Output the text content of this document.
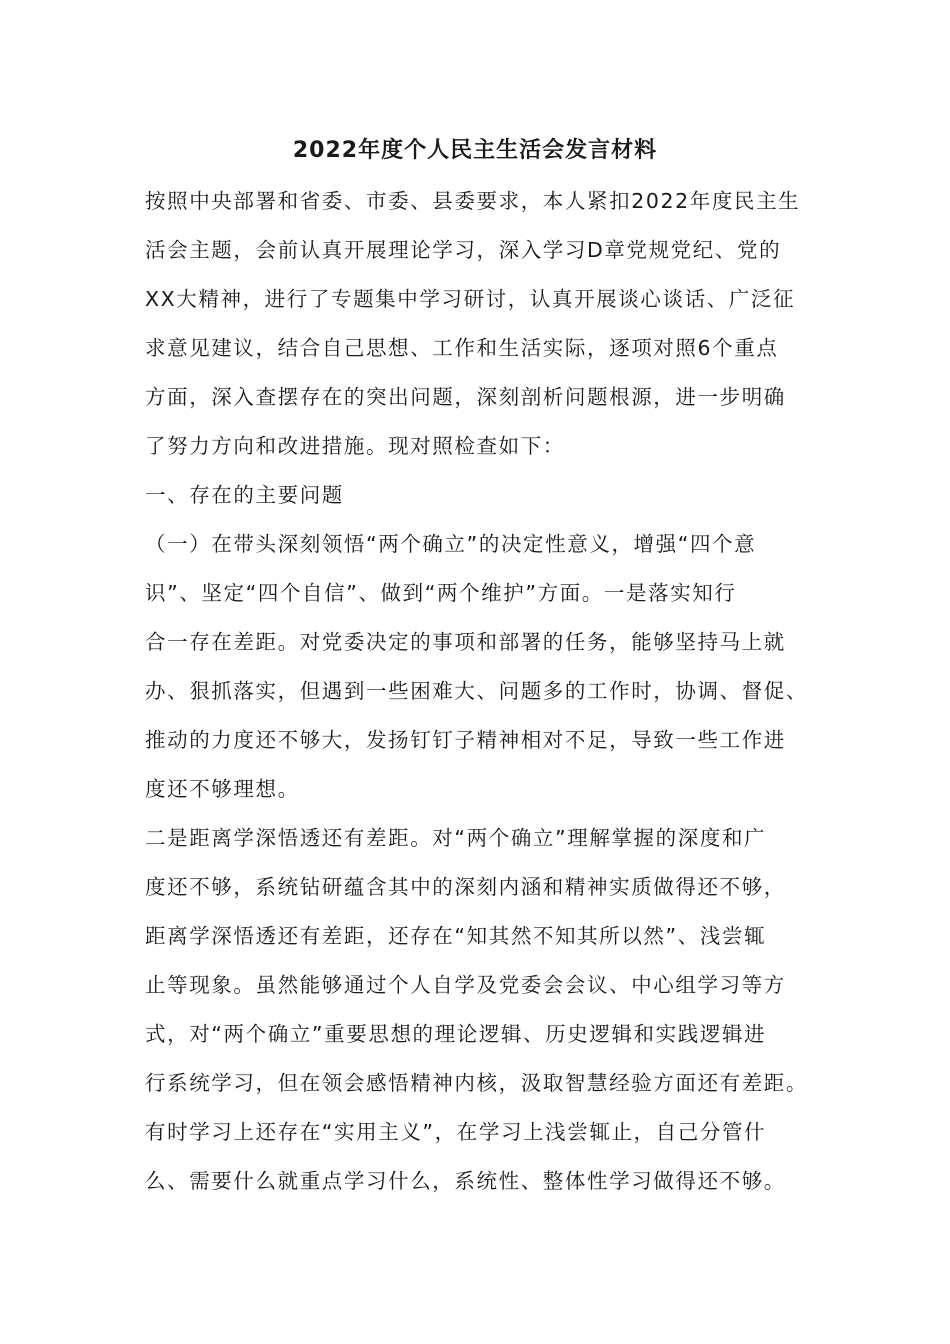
2022年度个人民主生活会发言材料

按照中央部署和省委、市委、县委要求，本人紧扣2022年度民主生
活会主题，会前认真开展理论学习，深入学习D章党规党纪、党的
XX大精神，进行了专题集中学习研讨，认真开展谈心谈话、广泛征
求意见建议，结合自己思想、工作和生活实际，逐项对照6个重点
方面，深入查摆存在的突出问题，深刻剖析问题根源，进一步明确
了努力方向和改进措施。现对照检查如下：

一、存在的主要问题

（一）在带头深刻领悟“两个确立”的决定性意义，增强“四个意
识”、坚定“四个自信”、做到“两个维护”方面。一是落实知行
合一存在差距。对党委决定的事项和部署的任务，能够坚持马上就
办、狠抓落实，但遇到一些困难大、问题多的工作时，协调、督促、
推动的力度还不够大，发扬钉钉子精神相对不足，导致一些工作进
度还不够理想。

二是距离学深悟透还有差距。对“两个确立”理解掌握的深度和广
度还不够，系统钻研蕴含其中的深刻内涵和精神实质做得还不够，
距离学深悟透还有差距，还存在“知其然不知其所以然”、浅尝辄
止等现象。虽然能够通过个人自学及党委会会议、中心组学习等方
式，对“两个确立”重要思想的理论逻辑、历史逻辑和实践逻辑进
行系统学习，但在领会感悟精神内核，汲取智慧经验方面还有差距。
有时学习上还存在“实用主义”，在学习上浅尝辄止，自己分管什
么、需要什么就重点学习什么，系统性、整体性学习做得还不够。
